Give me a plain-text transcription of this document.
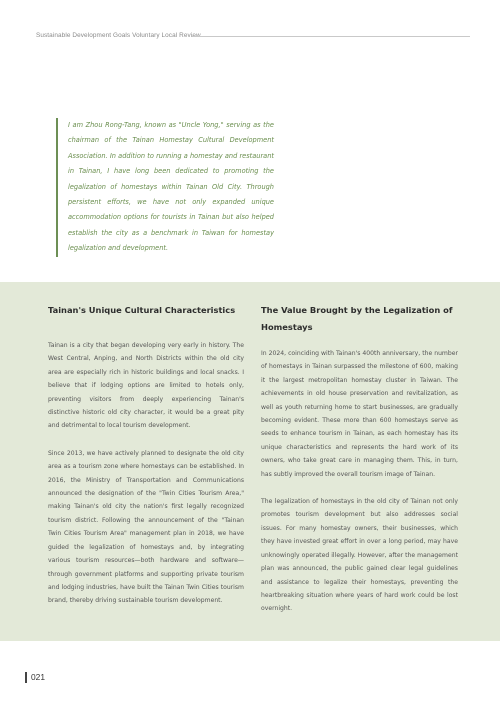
Sustainable Development Goals Voluntary Local Review
I am Zhou Rong-Tang, known as "Uncle Yong," serving as the chairman of the Tainan Homestay Cultural Development Association. In addition to running a homestay and restaurant in Tainan, I have long been dedicated to promoting the legalization of homestays within Tainan Old City. Through persistent efforts, we have not only expanded unique accommodation options for tourists in Tainan but also helped establish the city as a benchmark in Taiwan for homestay legalization and development.
Tainan's Unique Cultural Characteristics

Tainan is a city that began developing very early in history. The West Central, Anping, and North Districts within the old city area are especially rich in historic buildings and local snacks. I believe that if lodging options are limited to hotels only, preventing visitors from deeply experiencing Tainan's distinctive historic old city character, it would be a great pity and detrimental to local tourism development.

Since 2013, we have actively planned to designate the old city area as a tourism zone where homestays can be established. In 2016, the Ministry of Transportation and Communications announced the designation of the "Twin Cities Tourism Area," making Tainan's old city the nation's first legally recognized tourism district. Following the announcement of the "Tainan Twin Cities Tourism Area" management plan in 2018, we have guided the legalization of homestays and, by integrating various tourism resources—both hardware and software—through government platforms and supporting private tourism and lodging industries, have built the Tainan Twin Cities tourism brand, thereby driving sustainable tourism development.

The Value Brought by the Legalization of Homestays

In 2024, coinciding with Tainan's 400th anniversary, the number of homestays in Tainan surpassed the milestone of 600, making it the largest metropolitan homestay cluster in Taiwan. The achievements in old house preservation and revitalization, as well as youth returning home to start businesses, are gradually becoming evident. These more than 600 homestays serve as seeds to enhance tourism in Tainan, as each homestay has its unique characteristics and represents the hard work of its owners, who take great care in managing them. This, in turn, has subtly improved the overall tourism image of Tainan.

The legalization of homestays in the old city of Tainan not only promotes tourism development but also addresses social issues. For many homestay owners, their businesses, which they have invested great effort in over a long period, may have unknowingly operated illegally. However, after the management plan was announced, the public gained clear legal guidelines and assistance to legalize their homestays, preventing the heartbreaking situation where years of hard work could be lost overnight.

021
